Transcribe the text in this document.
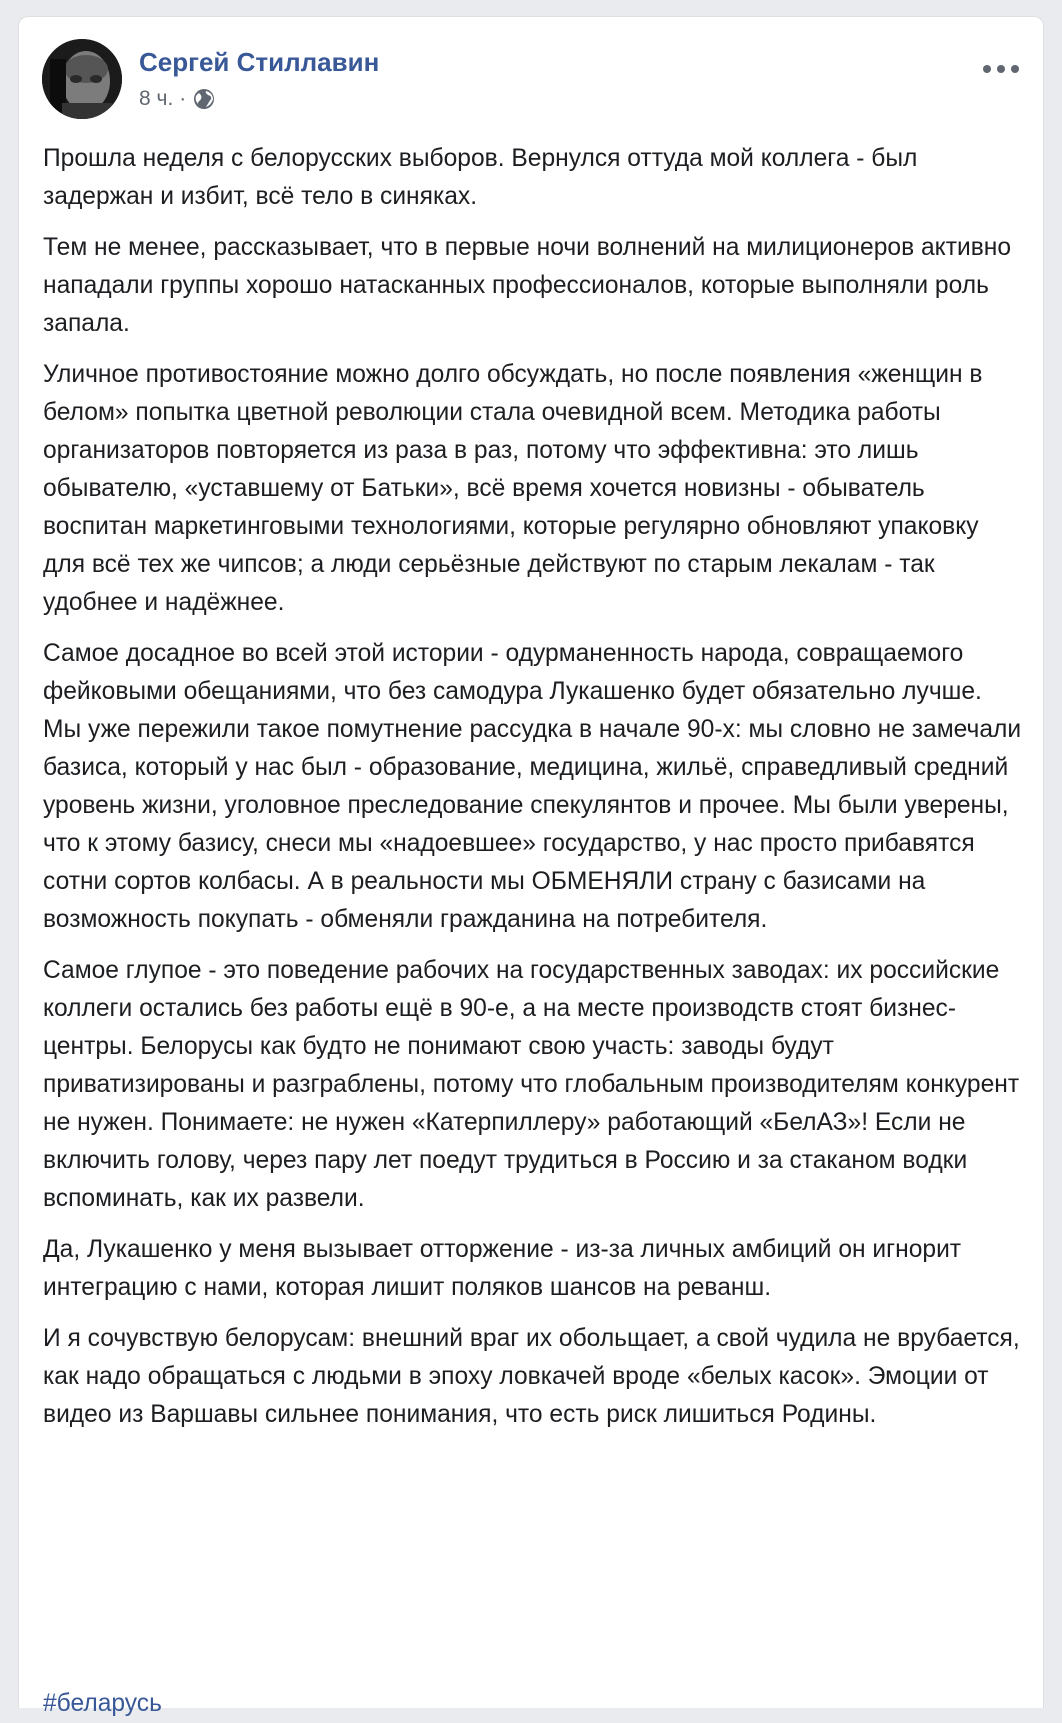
Сергей Стиллавин
8 ч. ·

Прошла неделя с белорусских выборов. Вернулся оттуда мой коллега - был задержан и избит, всё тело в синяках.

Тем не менее, рассказывает, что в первые ночи волнений на милиционеров активно нападали группы хорошо натасканных профессионалов, которые выполняли роль запала.

Уличное противостояние можно долго обсуждать, но после появления «женщин в белом» попытка цветной революции стала очевидной всем. Методика работы организаторов повторяется из раза в раз, потому что эффективна: это лишь обывателю, «уставшему от Батьки», всё время хочется новизны - обыватель воспитан маркетинговыми технологиями, которые регулярно обновляют упаковку для всё тех же чипсов; а люди серьёзные действуют по старым лекалам - так удобнее и надёжнее.

Самое досадное во всей этой истории - одурманенность народа, совращаемого фейковыми обещаниями, что без самодура Лукашенко будет обязательно лучше. Мы уже пережили такое помутнение рассудка в начале 90-х: мы словно не замечали базиса, который у нас был - образование, медицина, жильё, справедливый средний уровень жизни, уголовное преследование спекулянтов и прочее. Мы были уверены, что к этому базису, снеси мы «надоевшее» государство, у нас просто прибавятся сотни сортов колбасы. А в реальности мы ОБМЕНЯЛИ страну с базисами на возможность покупать - обменяли гражданина на потребителя.

Самое глупое - это поведение рабочих на государственных заводах: их российские коллеги остались без работы ещё в 90-е, а на месте производств стоят бизнес-центры. Белорусы как будто не понимают свою участь: заводы будут приватизированы и разграблены, потому что глобальным производителям конкурент не нужен. Понимаете: не нужен «Катерпиллеру» работающий «БелАЗ»! Если не включить голову, через пару лет поедут трудиться в Россию и за стаканом водки вспоминать, как их развели.

Да, Лукашенко у меня вызывает отторжение - из-за личных амбиций он игнорит интеграцию с нами, которая лишит поляков шансов на реванш.

И я сочувствую белорусам: внешний враг их обольщает, а свой чудила не врубается, как надо обращаться с людьми в эпоху ловкачей вроде «белых касок». Эмоции от видео из Варшавы сильнее понимания, что есть риск лишиться Родины.

#беларусь
